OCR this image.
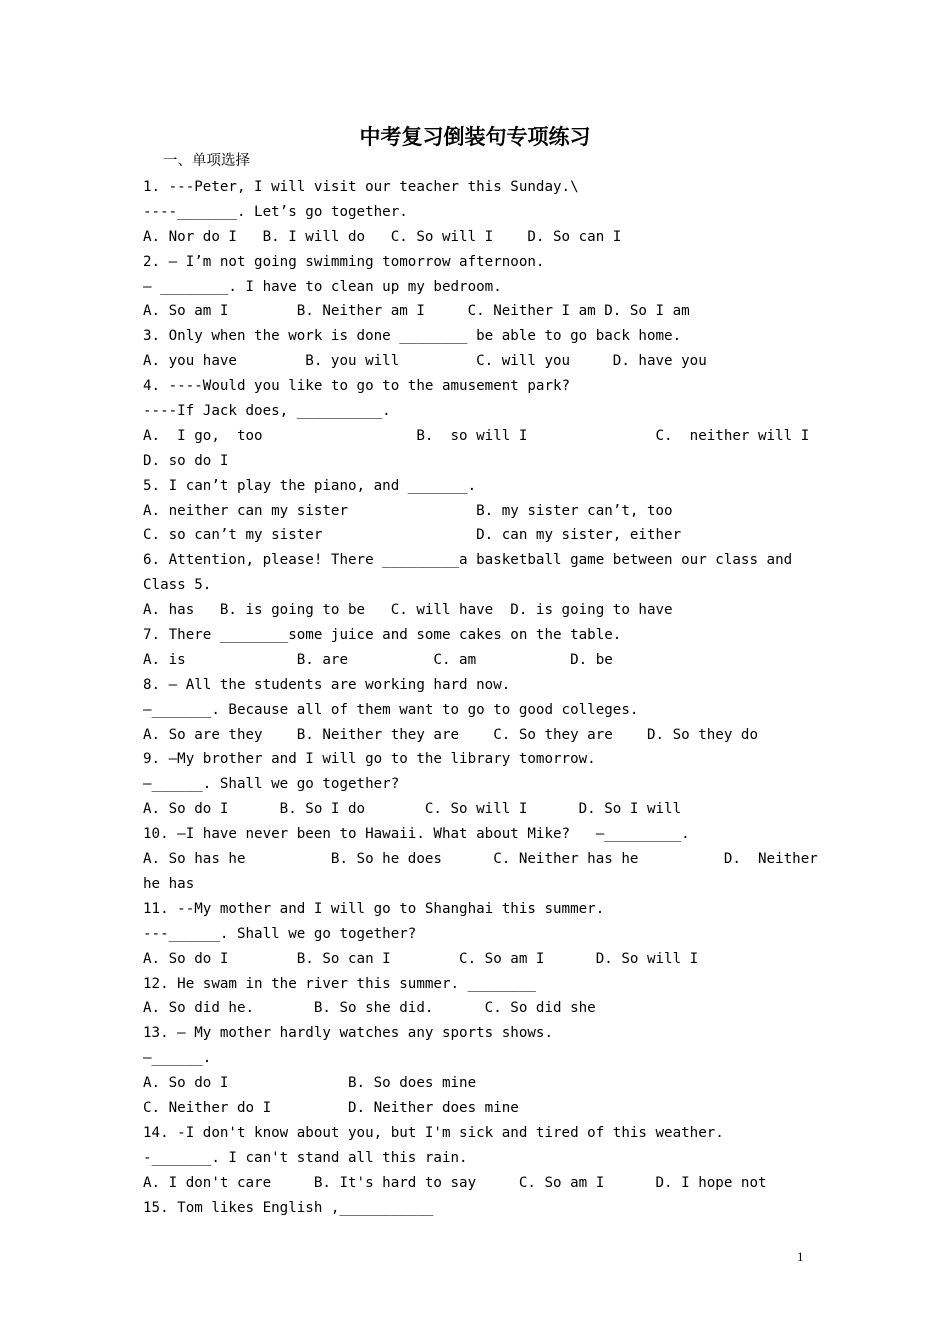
中考复习倒装句专项练习
一、单项选择
1. ---Peter, I will visit our teacher this Sunday.\
----_______. Let’s go together.
A. Nor do I   B. I will do   C. So will I    D. So can I
2. — I’m not going swimming tomorrow afternoon.
— ________. I have to clean up my bedroom.
A. So am I        B. Neither am I     C. Neither I am D. So I am
3. Only when the work is done ________ be able to go back home.
A. you have        B. you will         C. will you     D. have you
4. ----Would you like to go to the amusement park?
----If Jack does, __________.
A.  I go,  too                  B.  so will I               C.  neither will I
D. so do I
5. I can’t play the piano, and _______.
A. neither can my sister               B. my sister can’t, too
C. so can’t my sister                  D. can my sister, either
6. Attention, please! There _________a basketball game between our class and
Class 5.
A. has   B. is going to be   C. will have  D. is going to have
7. There ________some juice and some cakes on the table.
A. is             B. are          C. am           D. be
8. — All the students are working hard now.
—_______. Because all of them want to go to good colleges.
A. So are they    B. Neither they are    C. So they are    D. So they do
9. —My brother and I will go to the library tomorrow.
—______. Shall we go together?
A. So do I      B. So I do       C. So will I      D. So I will
10. —I have never been to Hawaii. What about Mike?   —_________.
A. So has he          B. So he does      C. Neither has he          D.  Neither
he has
11. --My mother and I will go to Shanghai this summer.
---______. Shall we go together?
A. So do I        B. So can I        C. So am I      D. So will I
12. He swam in the river this summer. ________
A. So did he.       B. So she did.      C. So did she
13. — My mother hardly watches any sports shows.
—______.
A. So do I              B. So does mine
C. Neither do I         D. Neither does mine
14. -I don't know about you, but I'm sick and tired of this weather.
-_______. I can't stand all this rain.
A. I don't care     B. It's hard to say     C. So am I      D. I hope not
15. Tom likes English ,___________
1
